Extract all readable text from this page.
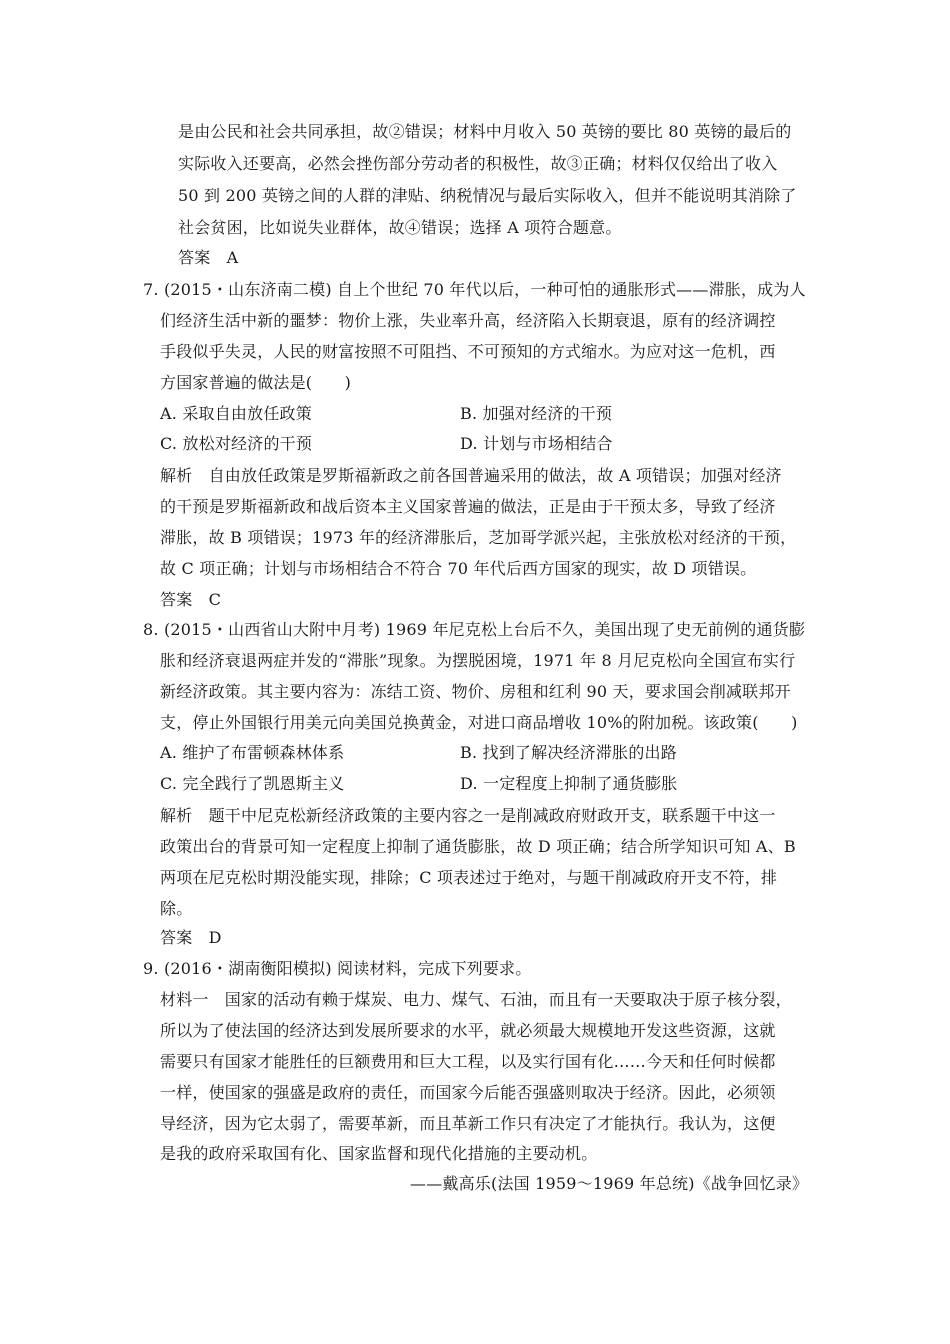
是由公民和社会共同承担，故②错误；材料中月收入 50 英镑的要比 80 英镑的最后的
实际收入还要高，必然会挫伤部分劳动者的积极性，故③正确；材料仅仅给出了收入
50 到 200 英镑之间的人群的津贴、纳税情况与最后实际收入，但并不能说明其消除了
社会贫困，比如说失业群体，故④错误；选择 A 项符合题意。
答案　A
7. (2015・山东济南二模) 自上个世纪 70 年代以后，一种可怕的通胀形式——滞胀，成为人
们经济生活中新的噩梦：物价上涨，失业率升高，经济陷入长期衰退，原有的经济调控
手段似乎失灵，人民的财富按照不可阻挡、不可预知的方式缩水。为应对这一危机，西
方国家普遍的做法是(　　)
A. 采取自由放任政策	B. 加强对经济的干预
C. 放松对经济的干预	D. 计划与市场相结合
解析　自由放任政策是罗斯福新政之前各国普遍采用的做法，故 A 项错误；加强对经济
的干预是罗斯福新政和战后资本主义国家普遍的做法，正是由于干预太多，导致了经济
滞胀，故 B 项错误；1973 年的经济滞胀后，芝加哥学派兴起，主张放松对经济的干预，
故 C 项正确；计划与市场相结合不符合 70 年代后西方国家的现实，故 D 项错误。
答案　C
8. (2015・山西省山大附中月考) 1969 年尼克松上台后不久，美国出现了史无前例的通货膨
胀和经济衰退两症并发的“滞胀”现象。为摆脱困境，1971 年 8 月尼克松向全国宣布实行
新经济政策。其主要内容为：冻结工资、物价、房租和红利 90 天，要求国会削减联邦开
支，停止外国银行用美元向美国兑换黄金，对进口商品增收 10%的附加税。该政策(　　)
A. 维护了布雷顿森林体系	B. 找到了解决经济滞胀的出路
C. 完全践行了凯恩斯主义	D. 一定程度上抑制了通货膨胀
解析　题干中尼克松新经济政策的主要内容之一是削减政府财政开支，联系题干中这一
政策出台的背景可知一定程度上抑制了通货膨胀，故 D 项正确；结合所学知识可知 A、B
两项在尼克松时期没能实现，排除；C 项表述过于绝对，与题干削减政府开支不符，排
除。
答案　D
9. (2016・湖南衡阳模拟) 阅读材料，完成下列要求。
材料一　国家的活动有赖于煤炭、电力、煤气、石油，而且有一天要取决于原子核分裂，
所以为了使法国的经济达到发展所要求的水平，就必须最大规模地开发这些资源，这就
需要只有国家才能胜任的巨额费用和巨大工程，以及实行国有化……今天和任何时候都
一样，使国家的强盛是政府的责任，而国家今后能否强盛则取决于经济。因此，必须领
导经济，因为它太弱了，需要革新，而且革新工作只有决定了才能执行。我认为，这便
是我的政府采取国有化、国家监督和现代化措施的主要动机。
——戴高乐(法国 1959～1969 年总统)《战争回忆录》
